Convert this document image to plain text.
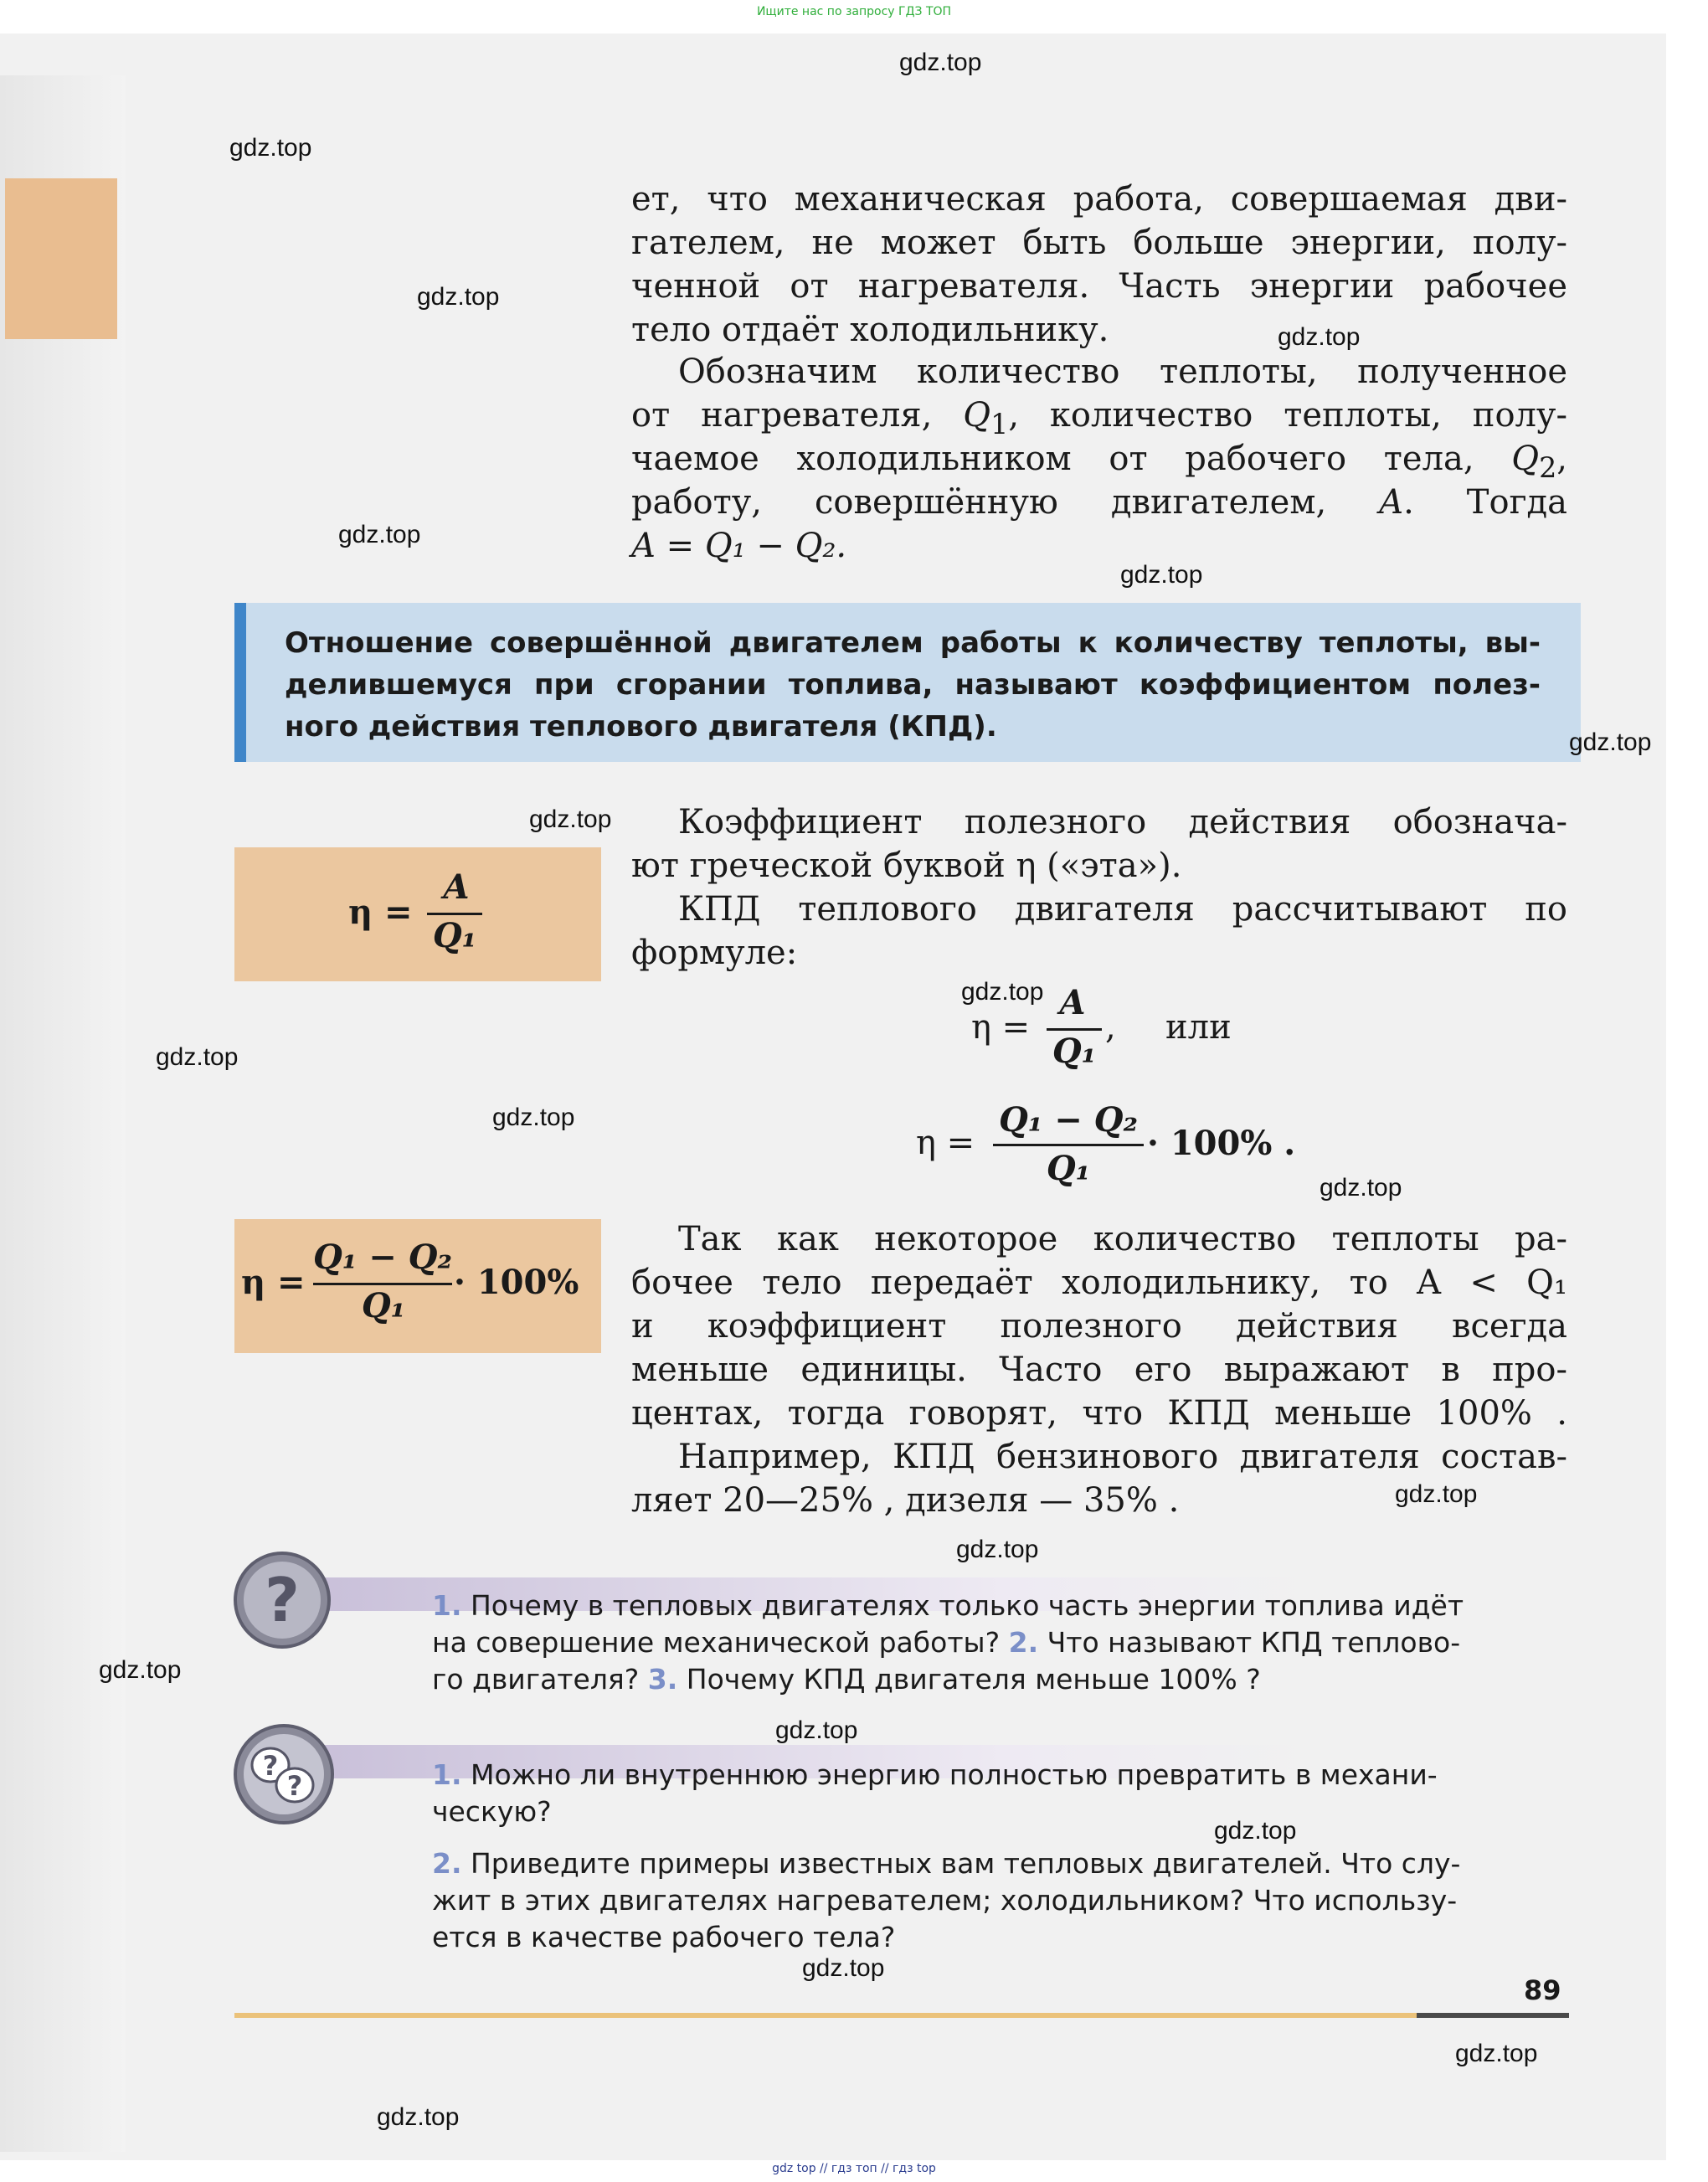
Ищите нас по запросу ГДЗ ТОП
ет, что механическая работа, совершаемая дви-
гателем, не может быть больше энергии, полу-
ченной от нагревателя. Часть энергии рабочее
тело отдаёт холодильнику.
Обозначим количество теплоты, полученное
от нагревателя, $Q_1$, количество теплоты, полу-
чаемое холодильником от рабочего тела, $Q_2$,
работу, совершённую двигателем, A. Тогда
A = Q₁ − Q₂.
Отношение совершённой двигателем работы к количеству теплоты, вы-
делившемуся при сгорании топлива, называют коэффициентом полез-
ного действия теплового двигателя (КПД).
Коэффициент полезного действия обознача-
ют греческой буквой η («эта»).
КПД теплового двигателя рассчитывают по
формуле:
η =
A
Q₁
η =
A
Q₁
, или
η =
Q₁ − Q₂
Q₁
· 100% .
η =
Q₁ − Q₂
Q₁
· 100%
Так как некоторое количество теплоты ра-
бочее тело передаёт холодильнику, то A < Q₁
и коэффициент полезного действия всегда
меньше единицы. Часто его выражают в про-
центах, тогда говорят, что КПД меньше 100% .
Например, КПД бензинового двигателя состав-
ляет 20—25% , дизеля — 35% .
?	1. Почему в тепловых двигателях только часть энергии топлива идёт
на совершение механической работы? 2. Что называют КПД теплово-
го двигателя? 3. Почему КПД двигателя меньше 100% ?
?
?	1. Можно ли внутреннюю энергию полностью превратить в механи-
ческую?
2. Приведите примеры известных вам тепловых двигателей. Что слу-
жит в этих двигателях нагревателем; холодильником? Что использу-
ется в качестве рабочего тела?
89
gdz top // гдз топ // гдз top
gdz.top
gdz.top
gdz.top
gdz.top
gdz.top
gdz.top
gdz.top
gdz.top
gdz.top
gdz.top
gdz.top
gdz.top
gdz.top
gdz.top
gdz.top
gdz.top
gdz.top
gdz.top
gdz.top
gdz.top
